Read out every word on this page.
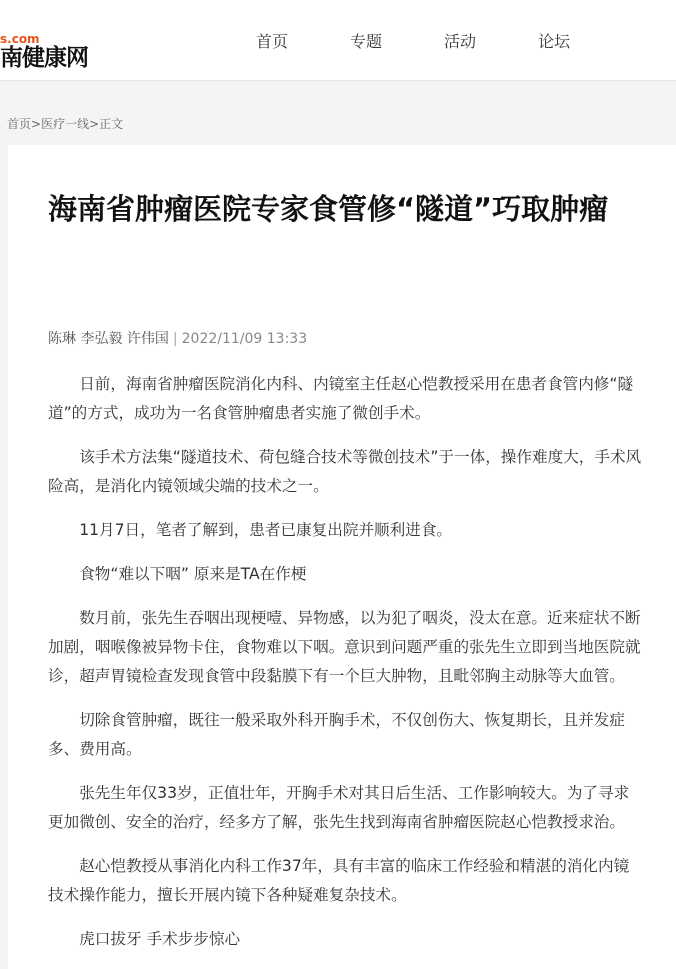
s.com
南健康网
首页	专题	活动	论坛
首页>医疗一线>正文
海南省肿瘤医院专家食管修“隧道”巧取肿瘤
陈琳 李弘毅 许伟国 | 2022/11/09 13:33

日前，海南省肿瘤医院消化内科、内镜室主任赵心恺教授采用在患者食管内修“隧道”的方式，成功为一名食管肿瘤患者实施了微创手术。

该手术方法集“隧道技术、荷包缝合技术等微创技术”于一体，操作难度大，手术风险高，是消化内镜领域尖端的技术之一。

11月7日，笔者了解到，患者已康复出院并顺利进食。

食物“难以下咽” 原来是TA在作梗

数月前，张先生吞咽出现梗噎、异物感，以为犯了咽炎，没太在意。近来症状不断加剧，咽喉像被异物卡住，食物难以下咽。意识到问题严重的张先生立即到当地医院就诊，超声胃镜检查发现食管中段黏膜下有一个巨大肿物，且毗邻胸主动脉等大血管。

切除食管肿瘤，既往一般采取外科开胸手术，不仅创伤大、恢复期长，且并发症多、费用高。

张先生年仅33岁，正值壮年，开胸手术对其日后生活、工作影响较大。为了寻求更加微创、安全的治疗，经多方了解，张先生找到海南省肿瘤医院赵心恺教授求治。

赵心恺教授从事消化内科工作37年，具有丰富的临床工作经验和精湛的消化内镜技术操作能力，擅长开展内镜下各种疑难复杂技术。

虎口拔牙 手术步步惊心
